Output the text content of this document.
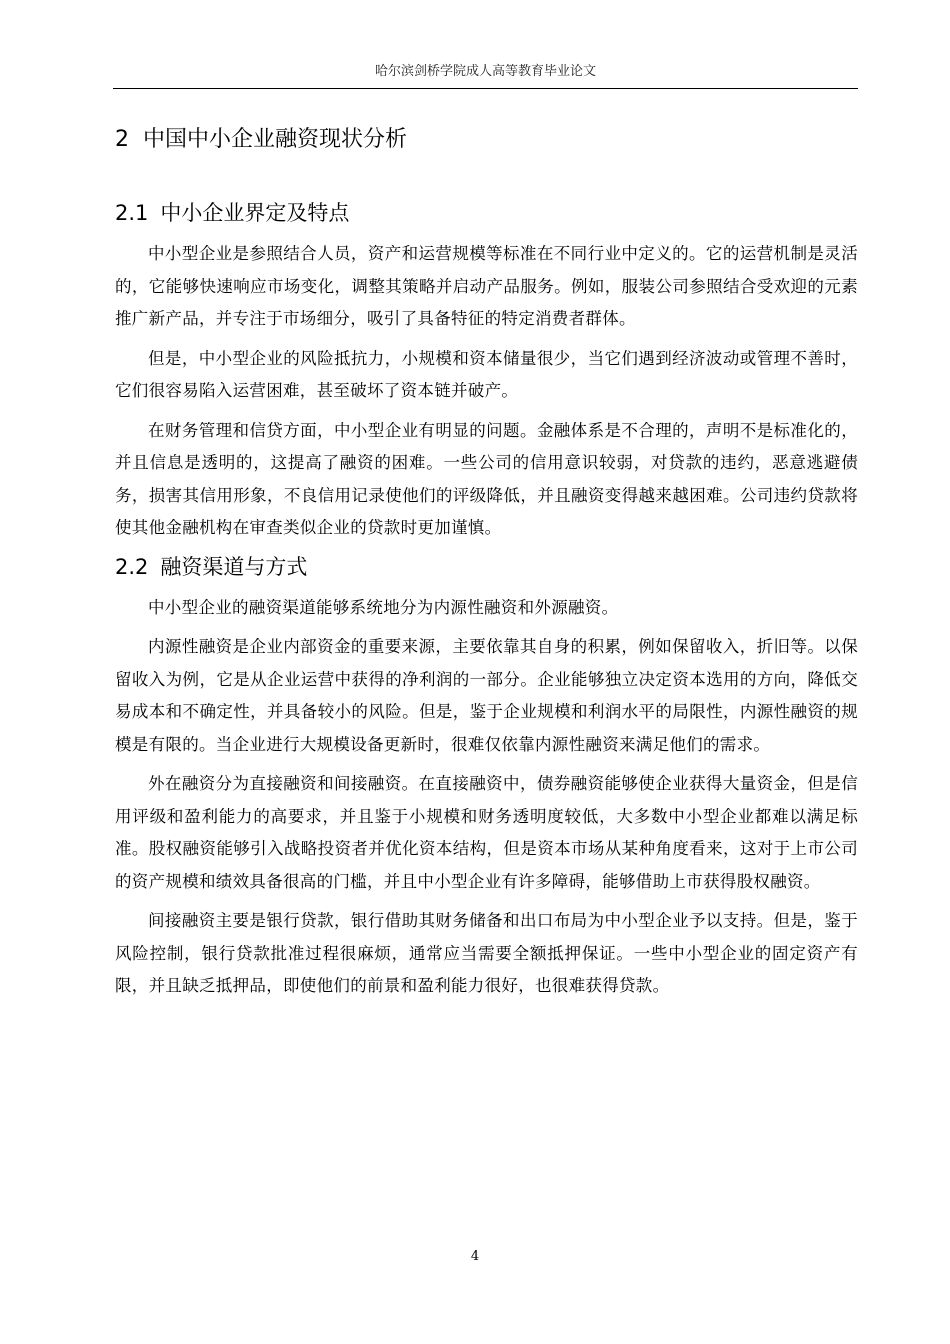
哈尔滨剑桥学院成人高等教育毕业论文
2 中国中小企业融资现状分析
2.1 中小企业界定及特点

中小型企业是参照结合人员，资产和运营规模等标准在不同行业中定义的。它的运营机制是灵活的，它能够快速响应市场变化，调整其策略并启动产品服务。例如，服装公司参照结合受欢迎的元素推广新产品，并专注于市场细分，吸引了具备特征的特定消费者群体。

但是，中小型企业的风险抵抗力，小规模和资本储量很少，当它们遇到经济波动或管理不善时，它们很容易陷入运营困难，甚至破坏了资本链并破产。

在财务管理和信贷方面，中小型企业有明显的问题。金融体系是不合理的，声明不是标准化的，并且信息是透明的，这提高了融资的困难。一些公司的信用意识较弱，对贷款的违约，恶意逃避债务，损害其信用形象，不良信用记录使他们的评级降低，并且融资变得越来越困难。公司违约贷款将使其他金融机构在审查类似企业的贷款时更加谨慎。

2.2 融资渠道与方式

中小型企业的融资渠道能够系统地分为内源性融资和外源融资。

内源性融资是企业内部资金的重要来源，主要依靠其自身的积累，例如保留收入，折旧等。以保留收入为例，它是从企业运营中获得的净利润的一部分。企业能够独立决定资本选用的方向，降低交易成本和不确定性，并具备较小的风险。但是，鉴于企业规模和利润水平的局限性，内源性融资的规模是有限的。当企业进行大规模设备更新时，很难仅依靠内源性融资来满足他们的需求。

外在融资分为直接融资和间接融资。在直接融资中，债券融资能够使企业获得大量资金，但是信用评级和盈利能力的高要求，并且鉴于小规模和财务透明度较低，大多数中小型企业都难以满足标准。股权融资能够引入战略投资者并优化资本结构，但是资本市场从某种角度看来，这对于上市公司的资产规模和绩效具备很高的门槛，并且中小型企业有许多障碍，能够借助上市获得股权融资。

间接融资主要是银行贷款，银行借助其财务储备和出口布局为中小型企业予以支持。但是，鉴于风险控制，银行贷款批准过程很麻烦，通常应当需要全额抵押保证。一些中小型企业的固定资产有限，并且缺乏抵押品，即使他们的前景和盈利能力很好，也很难获得贷款。

4
